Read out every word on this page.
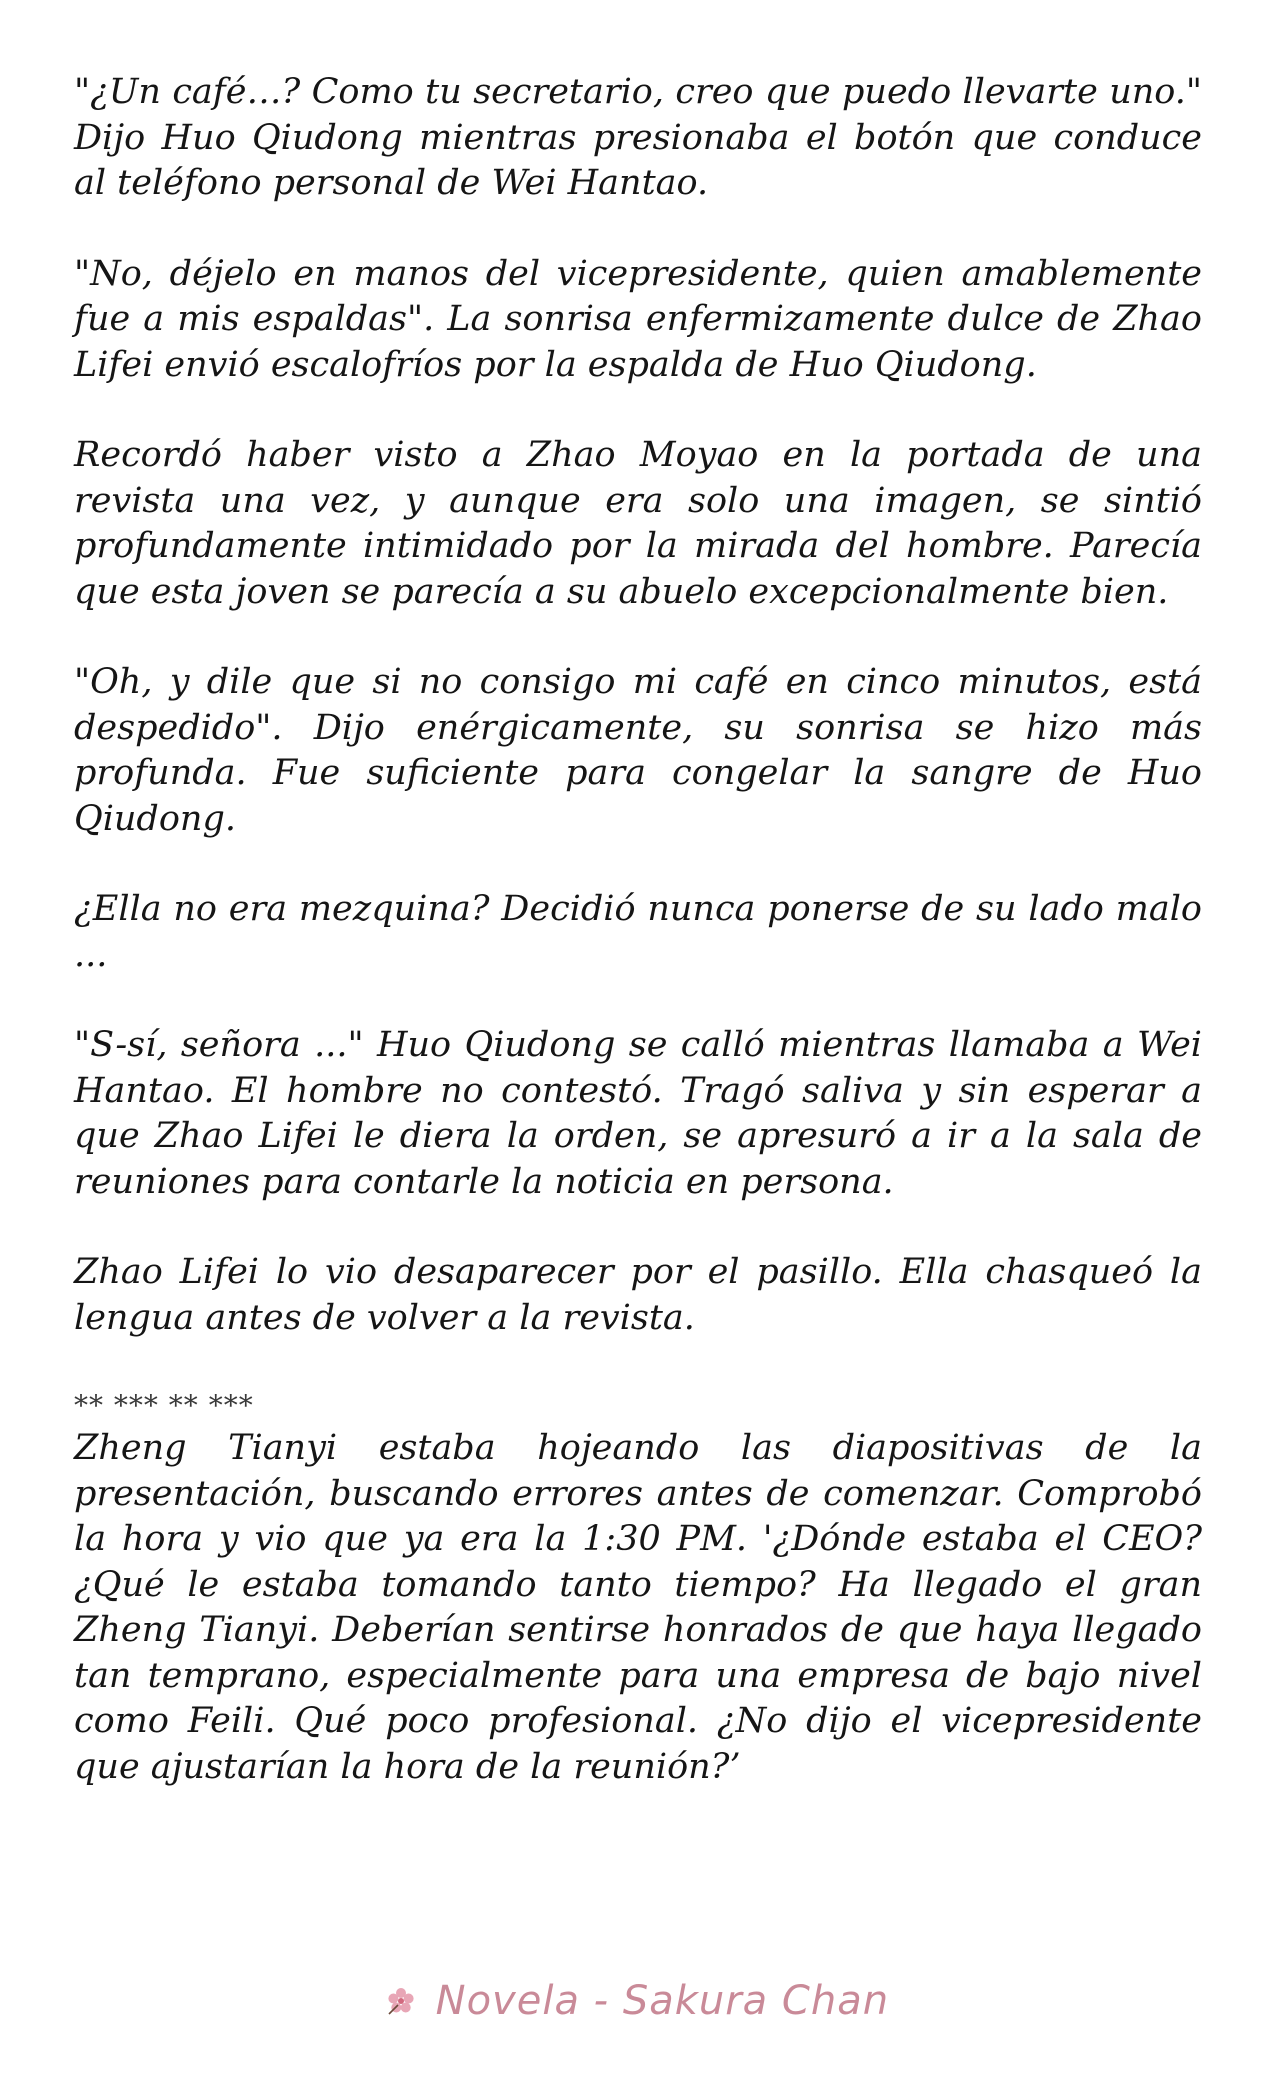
"¿Un café…? Como tu secretario, creo que puedo llevarte uno." Dijo Huo Qiudong mientras presionaba el botón que conduce al teléfono personal de Wei Hantao.

"No, déjelo en manos del vicepresidente, quien amablemente fue a mis espaldas". La sonrisa enfermizamente dulce de Zhao Lifei envió escalofríos por la espalda de Huo Qiudong.

Recordó haber visto a Zhao Moyao en la portada de una revista una vez, y aunque era solo una imagen, se sintió profundamente intimidado por la mirada del hombre. Parecía que esta joven se parecía a su abuelo excepcionalmente bien.

"Oh, y dile que si no consigo mi café en cinco minutos, está despedido". Dijo enérgicamente, su sonrisa se hizo más profunda. Fue suficiente para congelar la sangre de Huo Qiudong.

¿Ella no era mezquina? Decidió nunca ponerse de su lado malo ...

"S-sí, señora ..." Huo Qiudong se calló mientras llamaba a Wei Hantao. El hombre no contestó. Tragó saliva y sin esperar a que Zhao Lifei le diera la orden, se apresuró a ir a la sala de reuniones para contarle la noticia en persona.

Zhao Lifei lo vio desaparecer por el pasillo. Ella chasqueó la lengua antes de volver a la revista.

** *** ** ***

Zheng Tianyi estaba hojeando las diapositivas de la presentación, buscando errores antes de comenzar. Comprobó la hora y vio que ya era la 1:30 PM. '¿Dónde estaba el CEO? ¿Qué le estaba tomando tanto tiempo? Ha llegado el gran Zheng Tianyi. Deberían sentirse honrados de que haya llegado tan temprano, especialmente para una empresa de bajo nivel como Feili. Qué poco profesional. ¿No dijo el vicepresidente que ajustarían la hora de la reunión?’

Novela - Sakura Chan
